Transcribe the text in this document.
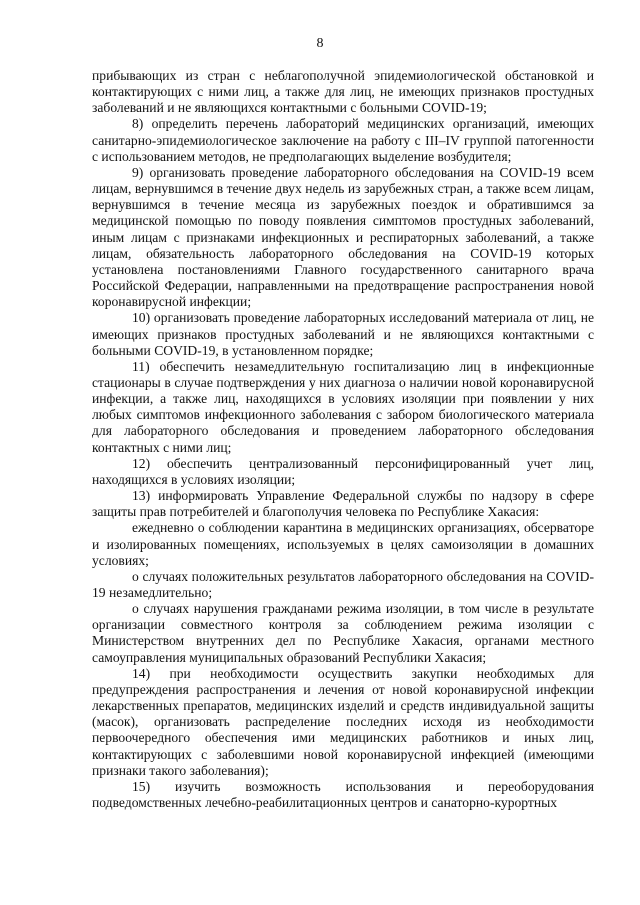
8

прибывающих из стран с неблагополучной эпидемиологической обстановкой и контактирующих с ними лиц, а также для лиц, не имеющих признаков простудных заболеваний и не являющихся контактными с больными COVID-19;

8) определить перечень лабораторий медицинских организаций, имеющих санитарно-эпидемиологическое заключение на работу с III–IV группой патогенности с использованием методов, не предполагающих выделение возбудителя;

9) организовать проведение лабораторного обследования на COVID-19 всем лицам, вернувшимся в течение двух недель из зарубежных стран, а также всем лицам, вернувшимся в течение месяца из зарубежных поездок и обратившимся за медицинской помощью по поводу появления симптомов простудных заболеваний, иным лицам с признаками инфекционных и респираторных заболеваний, а также лицам, обязательность лабораторного обследования на COVID-19 которых установлена постановлениями Главного государственного санитарного врача Российской Федерации, направленными на предотвращение распространения новой коронавирусной инфекции;

10) организовать проведение лабораторных исследований материала от лиц, не имеющих признаков простудных заболеваний и не являющихся контактными с больными COVID-19, в установленном порядке;

11) обеспечить незамедлительную госпитализацию лиц в инфекционные стационары в случае подтверждения у них диагноза о наличии новой коронавирусной инфекции, а также лиц, находящихся в условиях изоляции при появлении у них любых симптомов инфекционного заболевания с забором биологического материала для лабораторного обследования и проведением лабораторного обследования контактных с ними лиц;

12) обеспечить централизованный персонифицированный учет лиц, находящихся в условиях изоляции;

13) информировать Управление Федеральной службы по надзору в сфере защиты прав потребителей и благополучия человека по Республике Хакасия:

ежедневно о соблюдении карантина в медицинских организациях, обсерваторе и изолированных помещениях, используемых в целях самоизоляции в домашних условиях;

о случаях положительных результатов лабораторного обследования на COVID-19 незамедлительно;

о случаях нарушения гражданами режима изоляции, в том числе в результате организации совместного контроля за соблюдением режима изоляции с Министерством внутренних дел по Республике Хакасия, органами местного самоуправления муниципальных образований Республики Хакасия;

14) при необходимости осуществить закупки необходимых для предупреждения распространения и лечения от новой коронавирусной инфекции лекарственных препаратов, медицинских изделий и средств индивидуальной защиты (масок), организовать распределение последних исходя из необходимости первоочередного обеспечения ими медицинских работников и иных лиц, контактирующих с заболевшими новой коронавирусной инфекцией (имеющими признаки такого заболевания);

15) изучить возможность использования и переоборудования подведомственных лечебно-реабилитационных центров и санаторно-курортных
